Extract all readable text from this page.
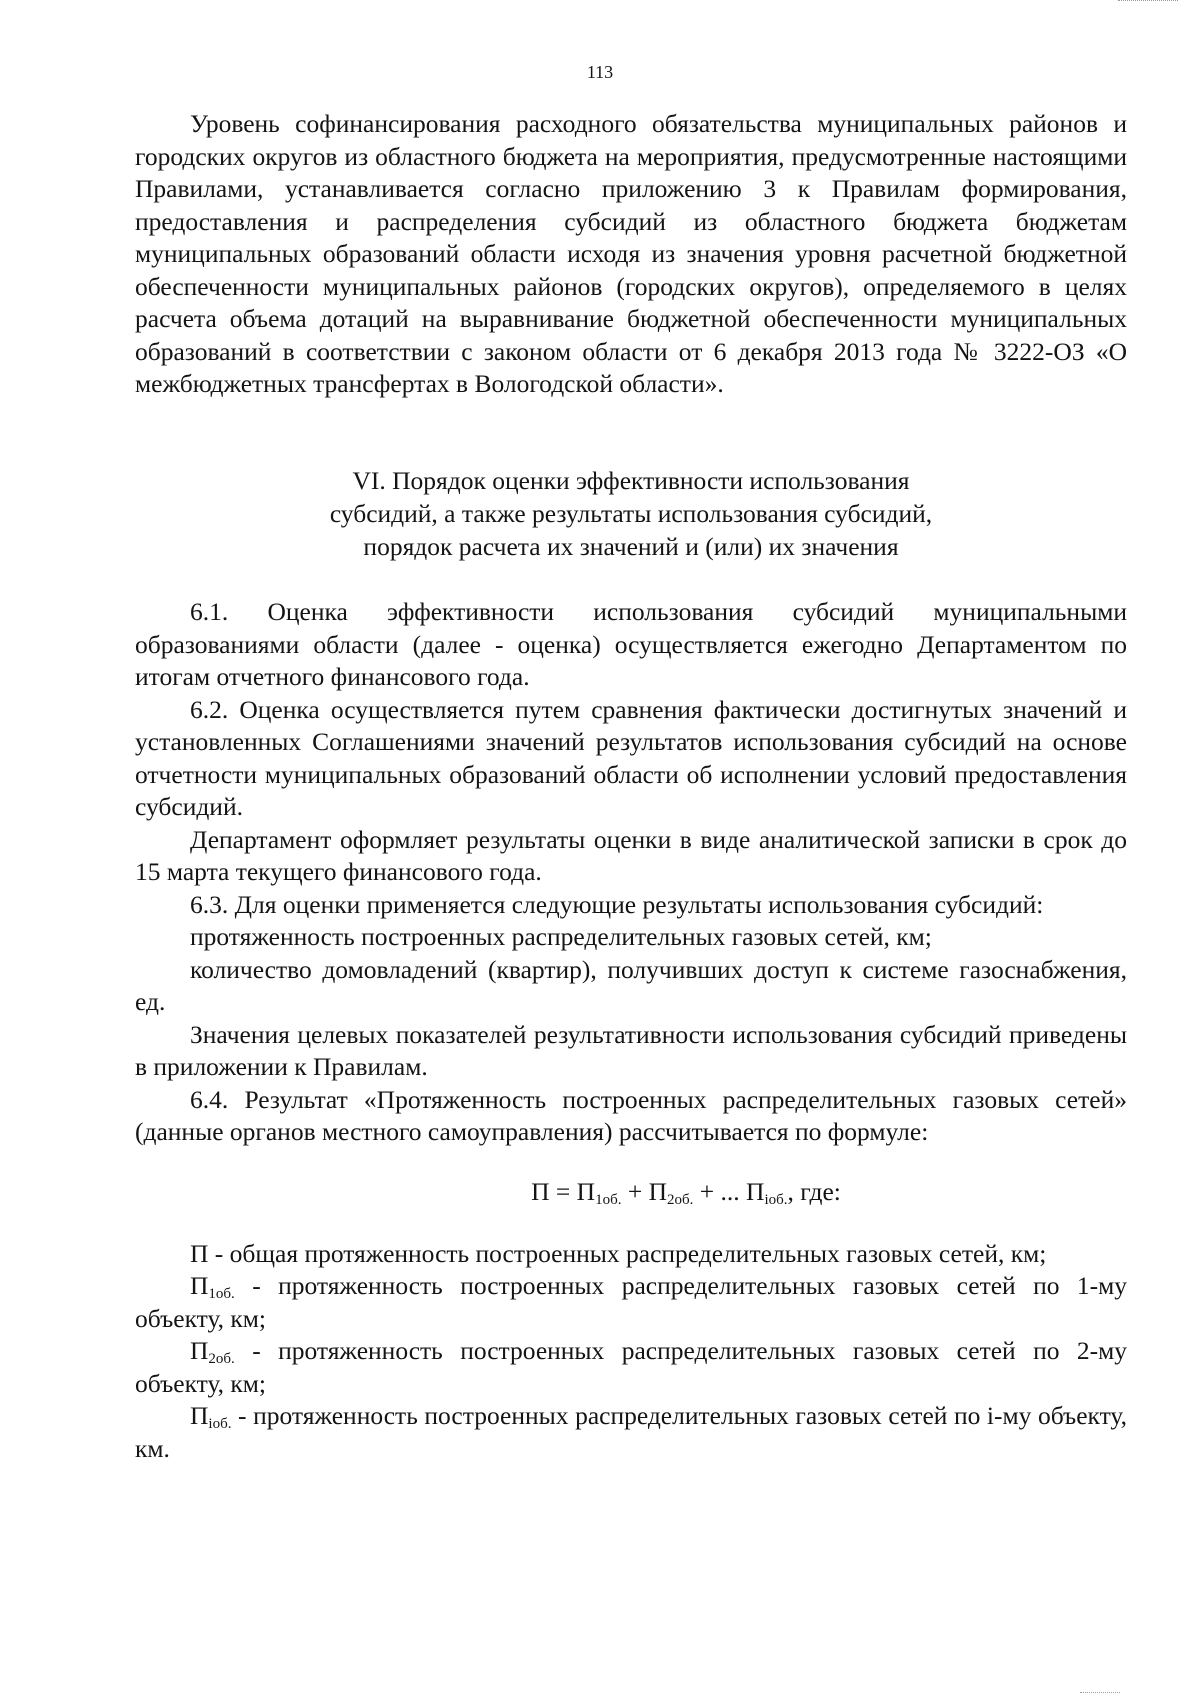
113

Уровень софинансирования расходного обязательства муниципальных районов и городских округов из областного бюджета на мероприятия, предусмотренные настоящими Правилами, устанавливается согласно приложению 3 к Правилам формирования, предоставления и распределения субсидий из областного бюджета бюджетам муниципальных образований области исходя из значения уровня расчетной бюджетной обеспеченности муниципальных районов (городских округов), определяемого в целях расчета объема дотаций на выравнивание бюджетной обеспеченности муниципальных образований в соответствии с законом области от 6 декабря 2013 года № 3222-ОЗ «О межбюджетных трансфертах в Вологодской области».

VI. Порядок оценки эффективности использования
субсидий, а также результаты использования субсидий,
порядок расчета их значений и (или) их значения

6.1. Оценка эффективности использования субсидий муниципальными образованиями области (далее - оценка) осуществляется ежегодно Департаментом по итогам отчетного финансового года.

6.2. Оценка осуществляется путем сравнения фактически достигнутых значений и установленных Соглашениями значений результатов использования субсидий на основе отчетности муниципальных образований области об исполнении условий предоставления субсидий.

Департамент оформляет результаты оценки в виде аналитической записки в срок до 15 марта текущего финансового года.

6.3. Для оценки применяется следующие результаты использования субсидий:

протяженность построенных распределительных газовых сетей, км;

количество домовладений (квартир), получивших доступ к системе газоснабжения, ед.

Значения целевых показателей результативности использования субсидий приведены в приложении к Правилам.

6.4. Результат «Протяженность построенных распределительных газовых сетей» (данные органов местного самоуправления) рассчитывается по формуле:

$П = П_{1об.} + П_{2об.}$ + ... $П_{iоб.}$, где:

П - общая протяженность построенных распределительных газовых сетей, км;

$П_{1об.}$ - протяженность построенных распределительных газовых сетей по 1-му объекту, км;

$П_{2об.}$ - протяженность построенных распределительных газовых сетей по 2-му объекту, км;

$П_{iоб.}$ - протяженность построенных распределительных газовых сетей по i-му объекту, км.
